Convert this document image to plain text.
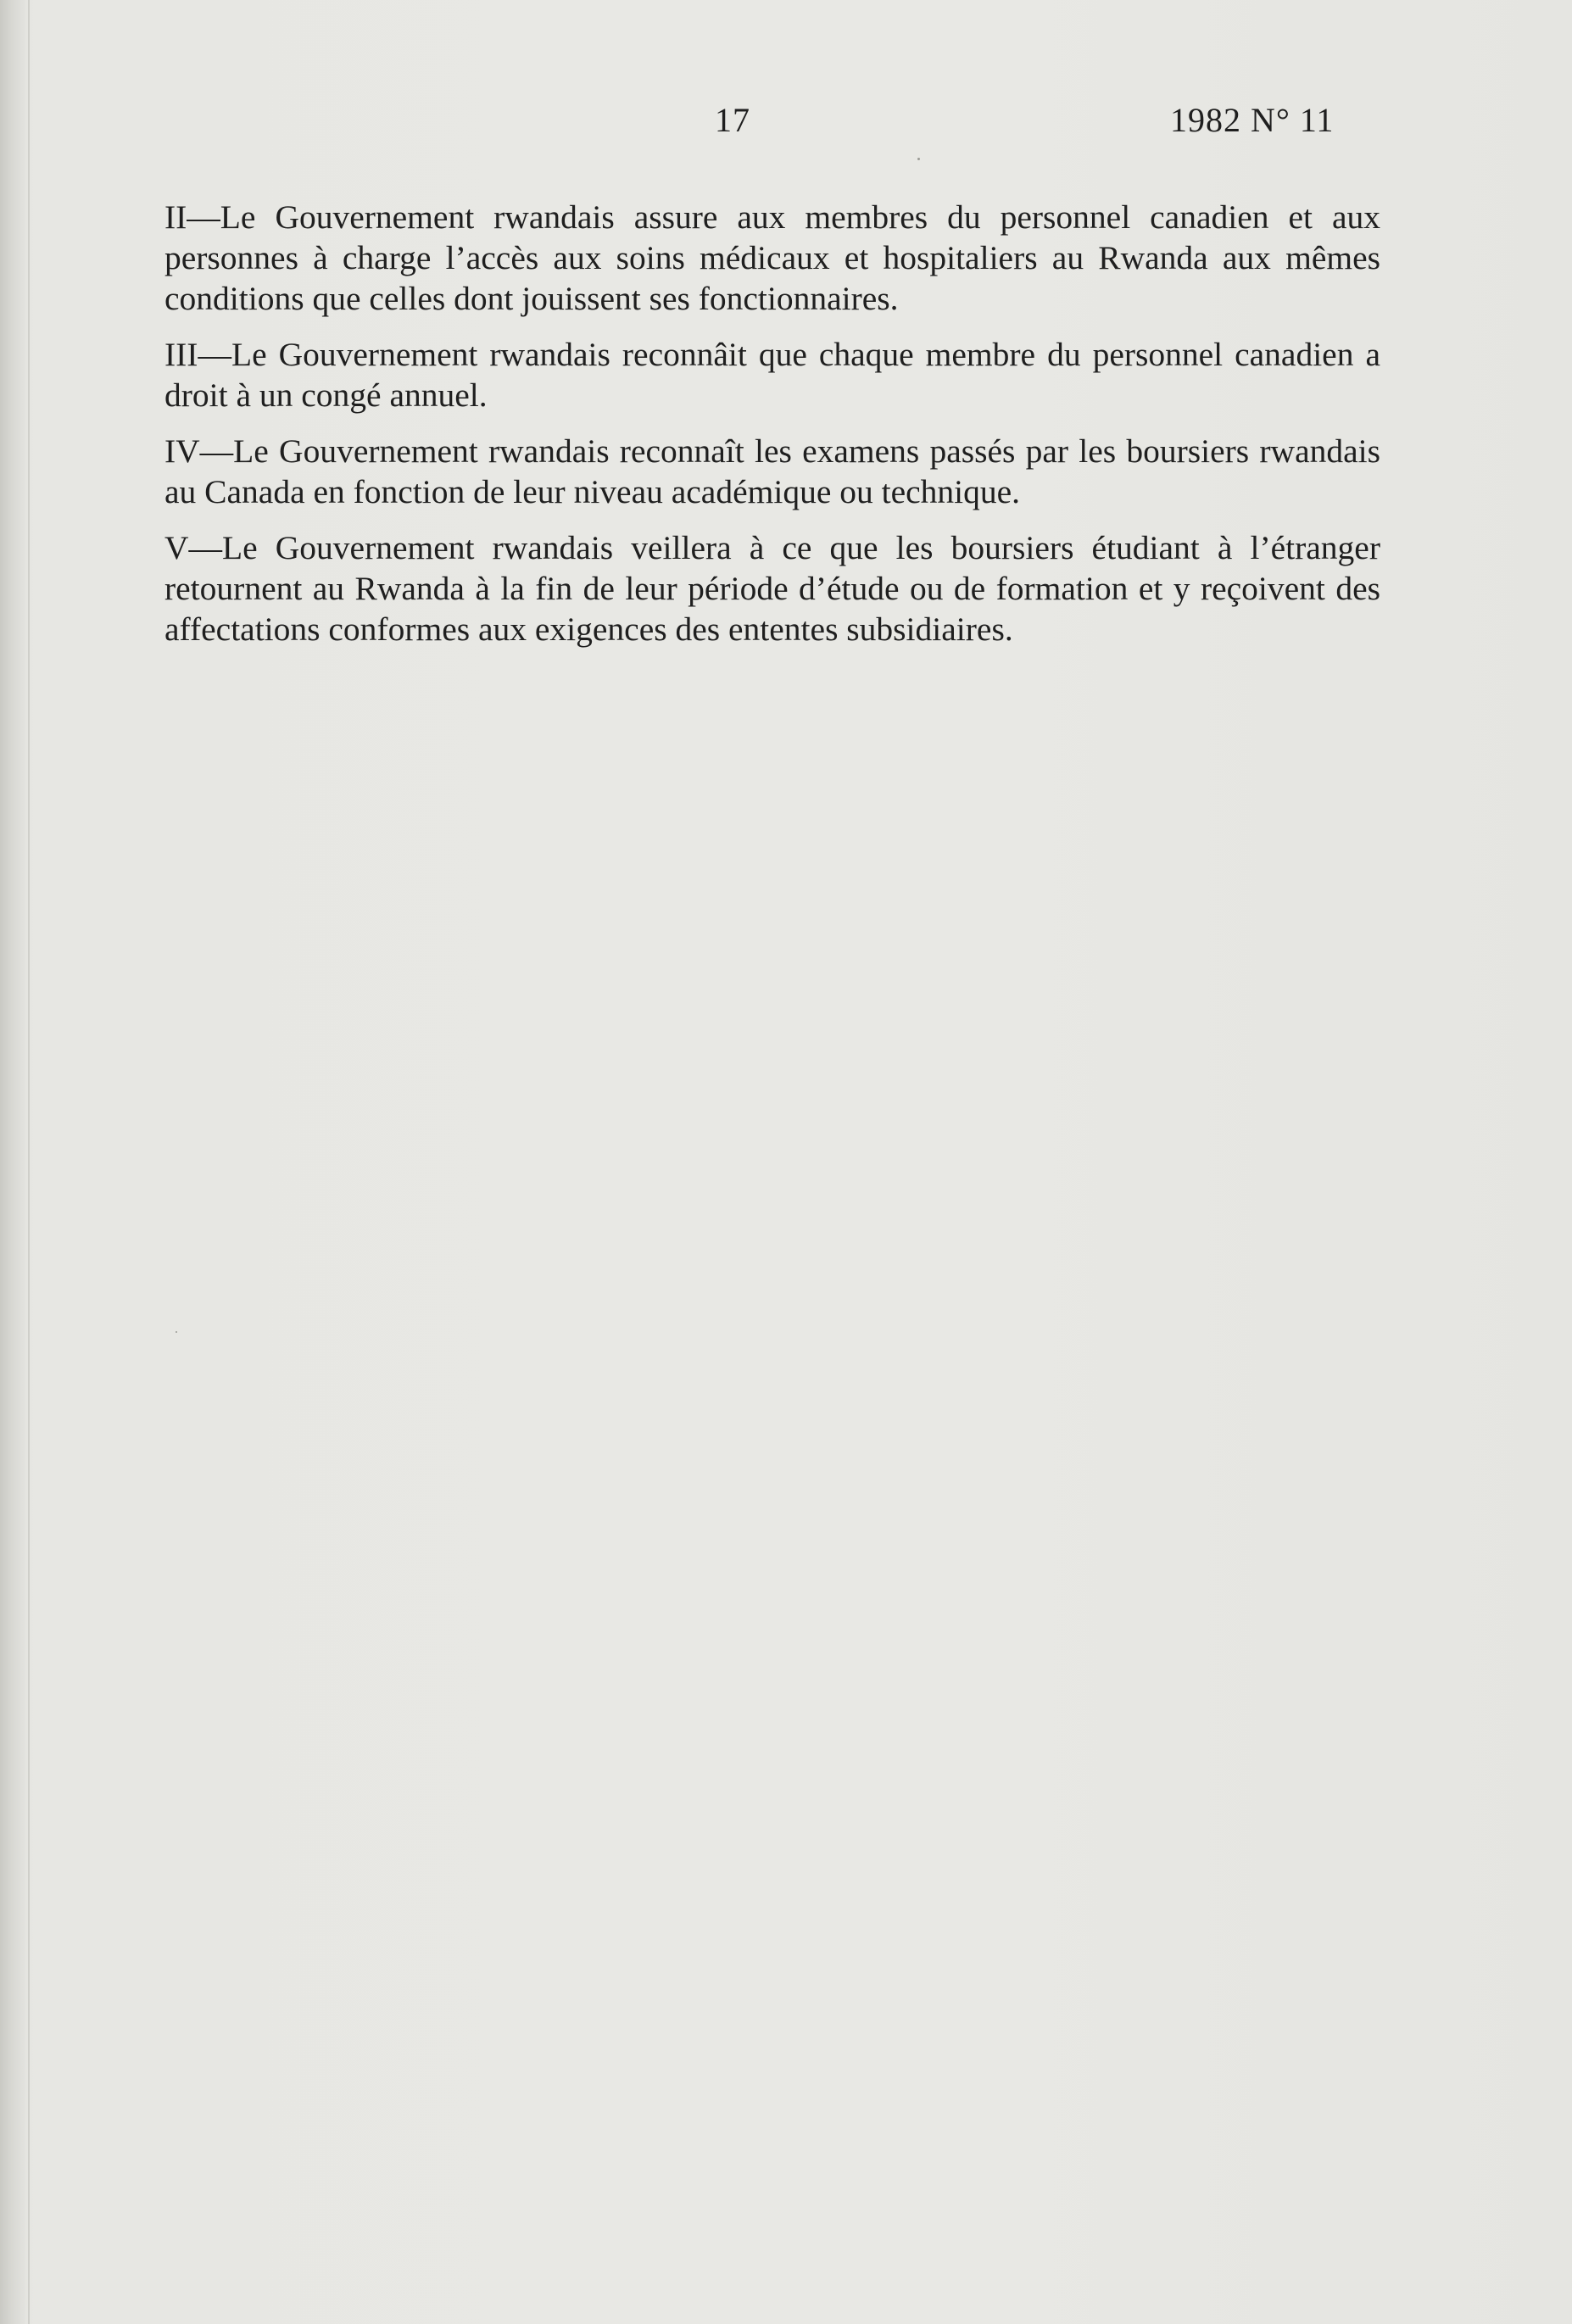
17	1982 N° 11

II—Le Gouvernement rwandais assure aux membres du personnel canadien et aux personnes à charge l’accès aux soins médicaux et hospitaliers au Rwanda aux mêmes conditions que celles dont jouissent ses fonctionnaires.

III—Le Gouvernement rwandais reconnâit que chaque membre du personnel canadien a droit à un congé annuel.

IV—Le Gouvernement rwandais reconnaît les examens passés par les boursiers rwandais au Canada en fonction de leur niveau académique ou technique.

V—Le Gouvernement rwandais veillera à ce que les boursiers étudiant à l’étranger retournent au Rwanda à la fin de leur période d’étude ou de formation et y reçoivent des affectations conformes aux exigences des ententes subsidiaires.
